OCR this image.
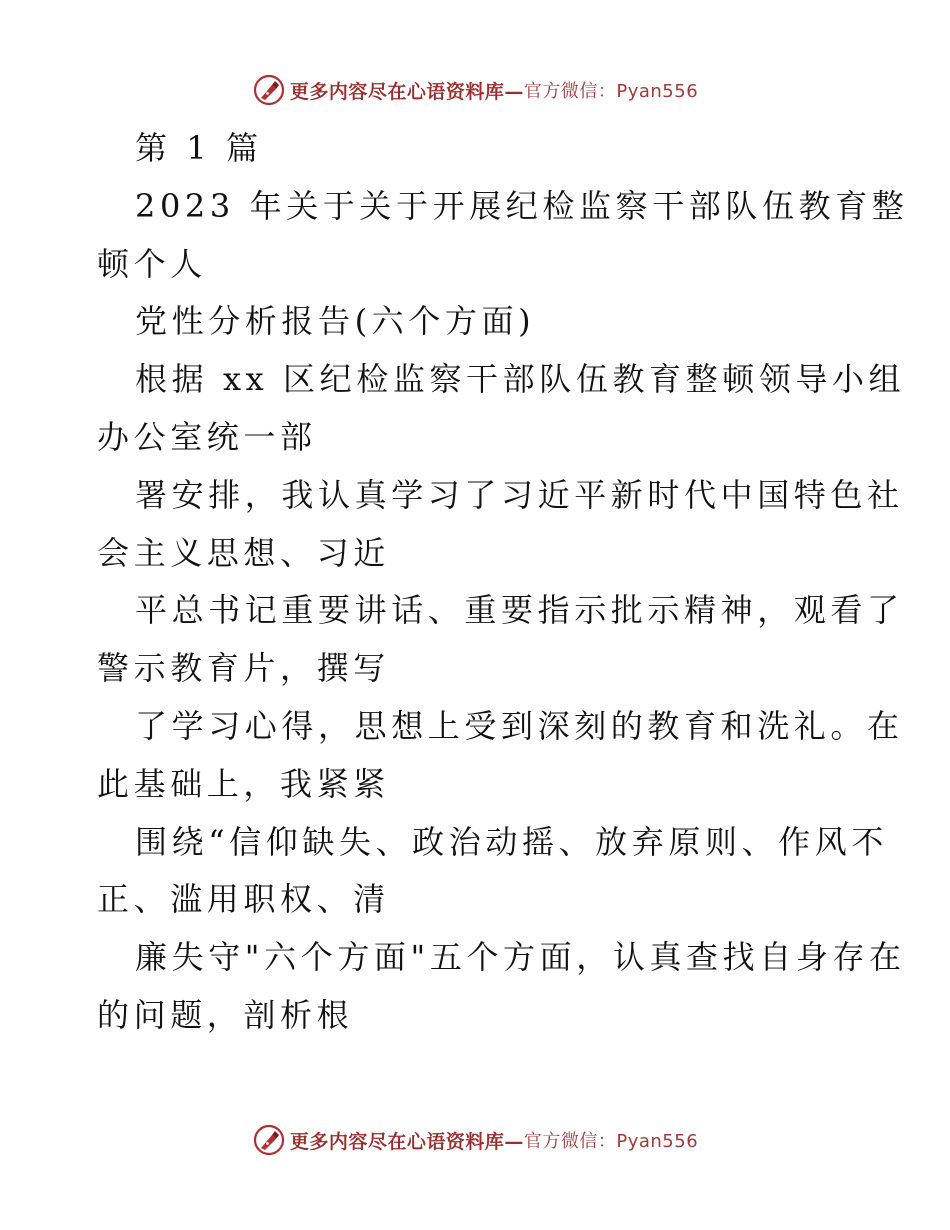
更多内容尽在心语资料库— 官方微信：Pyan556
第 1 篇
2023 年关于关于开展纪检监察干部队伍教育整
顿个人
党性分析报告(六个方面)
根据 xx 区纪检监察干部队伍教育整顿领导小组
办公室统一部
署安排，我认真学习了习近平新时代中国特色社
会主义思想、习近
平总书记重要讲话、重要指示批示精神，观看了
警示教育片，撰写
了学习心得，思想上受到深刻的教育和洗礼。在
此基础上，我紧紧
围绕“信仰缺失、政治动摇、放弃原则、作风不
正、滥用职权、清
廉失守"六个方面"五个方面，认真查找自身存在
的问题，剖析根
更多内容尽在心语资料库— 官方微信：Pyan556
